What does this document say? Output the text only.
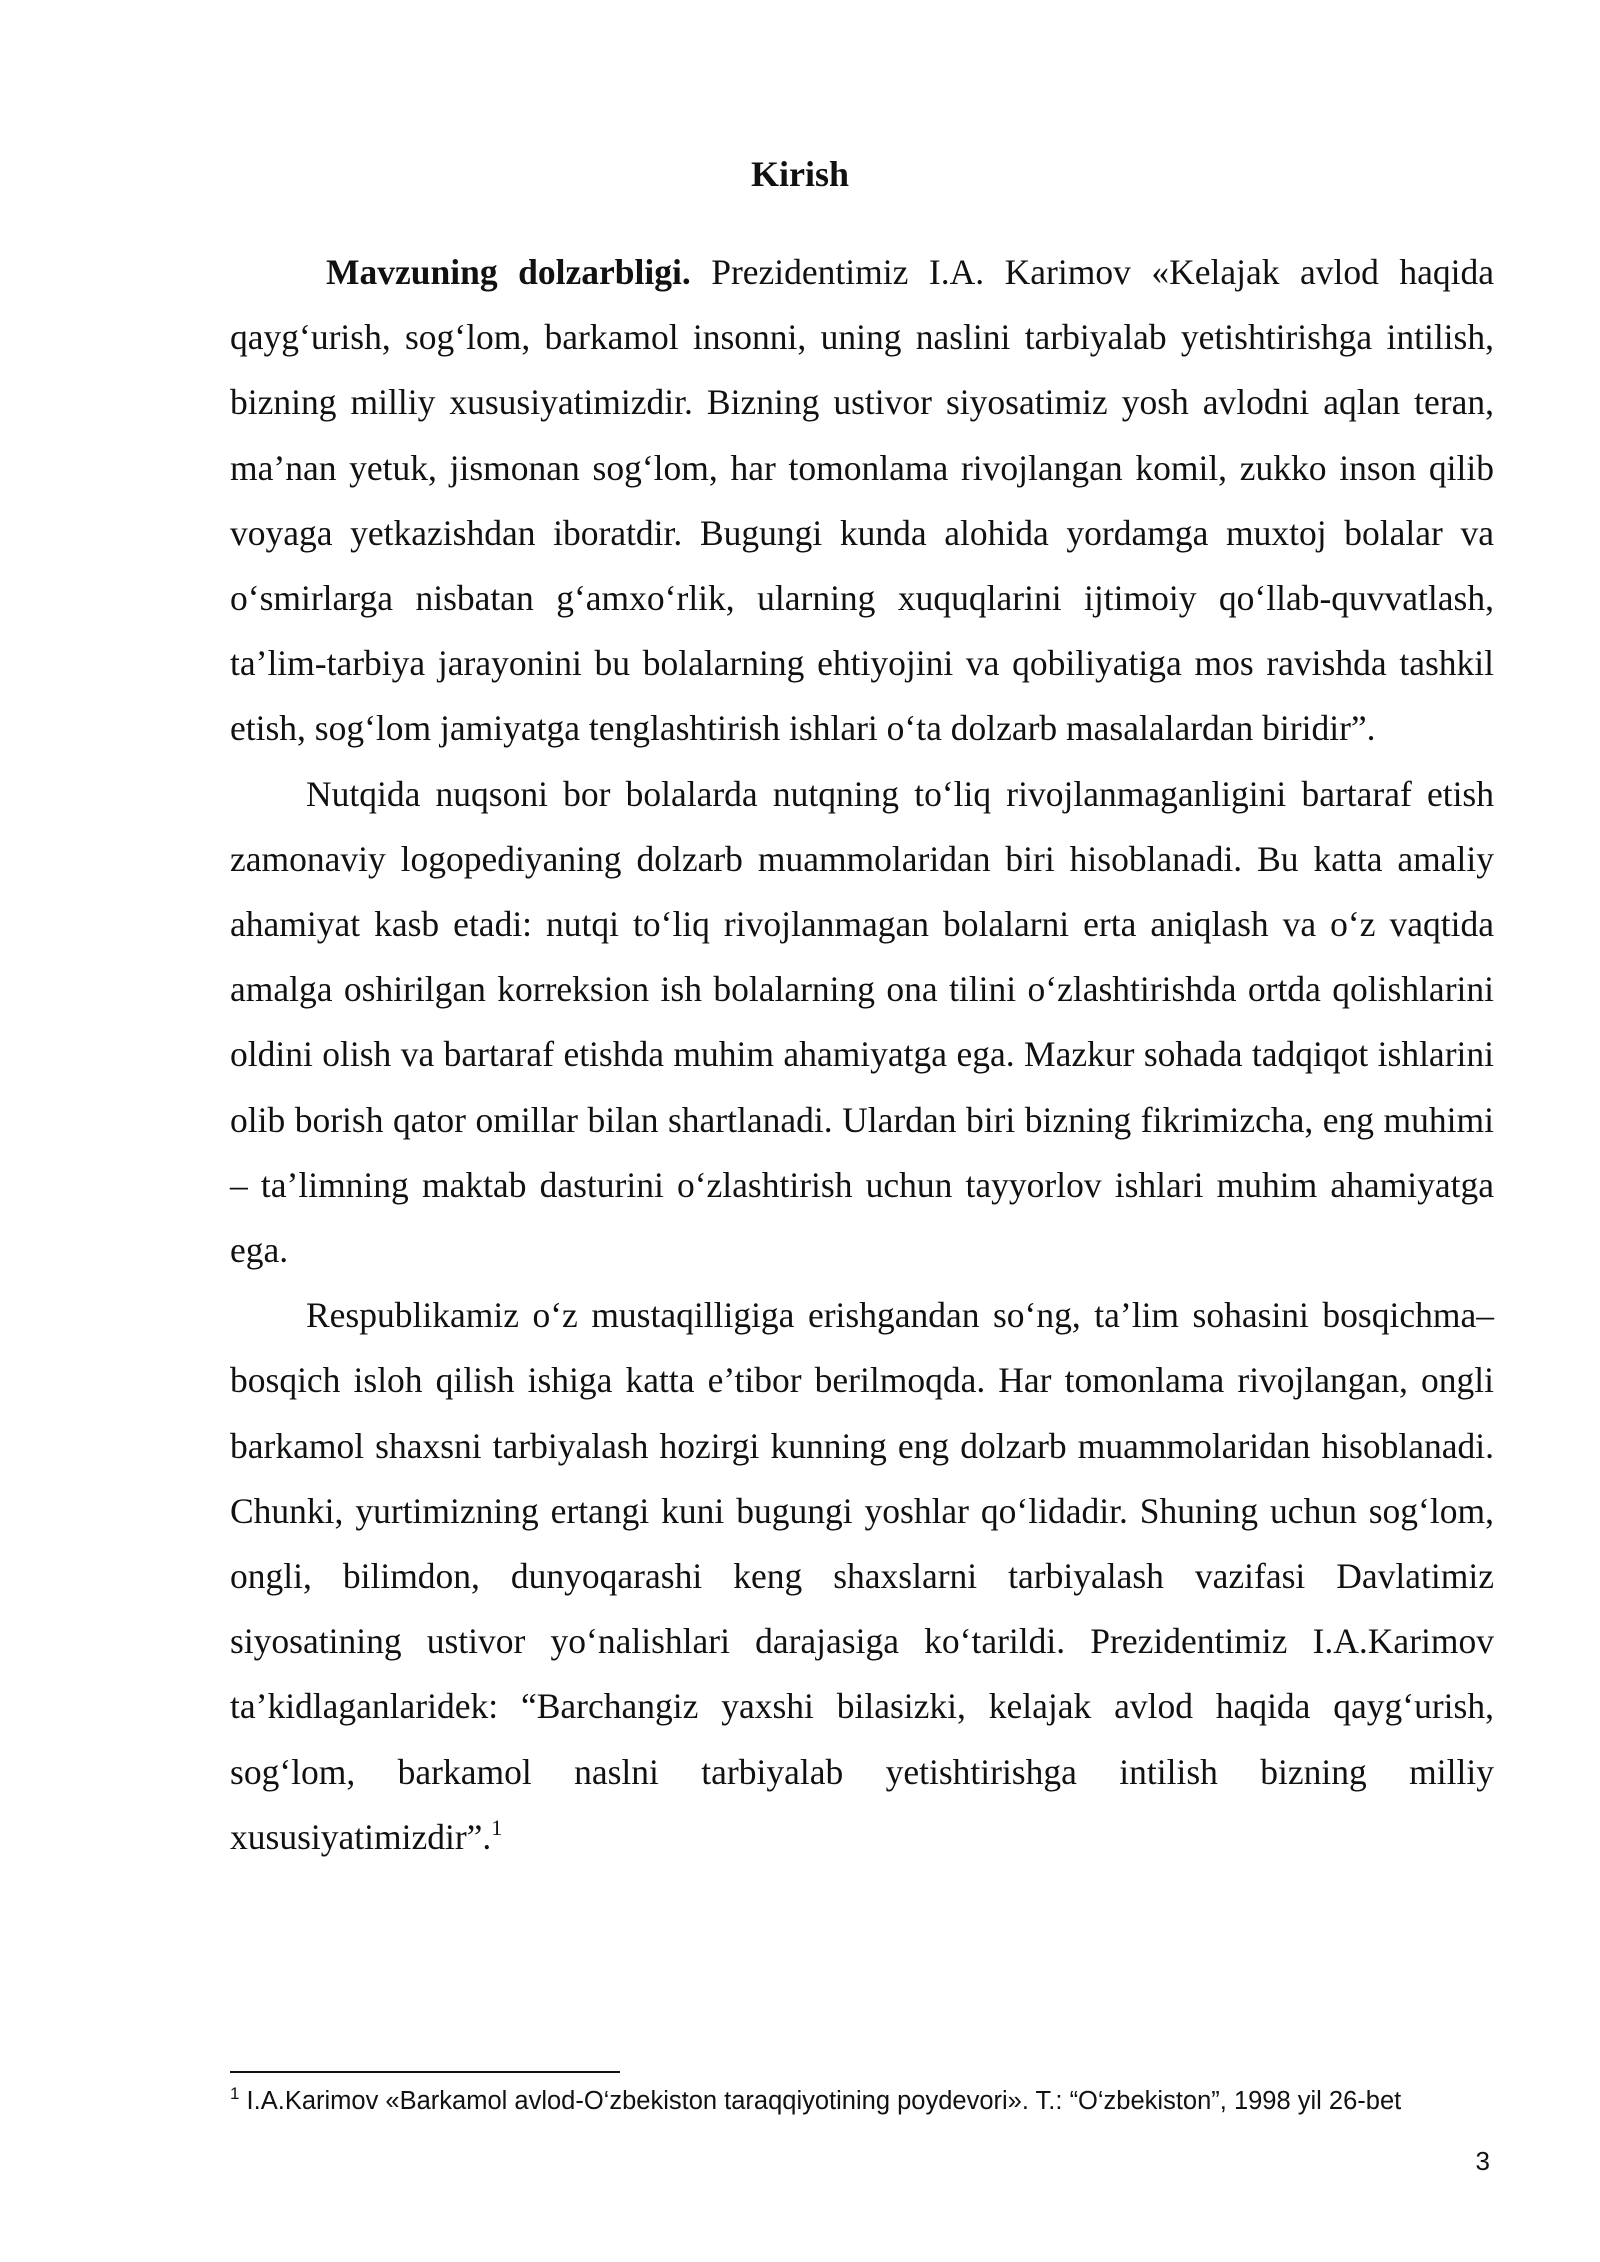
Kirish

Mavzuning dolzarbligi. Prezidentimiz I.A. Karimov «Kelajak avlod haqida qayg‘urish, sog‘lom, barkamol insonni, uning naslini tarbiyalab yetishtirishga intilish, bizning milliy xususiyatimizdir. Bizning ustivor siyosatimiz yosh avlodni aqlan teran, ma’nan yetuk, jismonan sog‘lom, har tomonlama rivojlangan komil, zukko inson qilib voyaga yetkazishdan iboratdir. Bugungi kunda alohida yordamga muxtoj bolalar va o‘smirlarga nisbatan g‘amxo‘rlik, ularning xuquqlarini ijtimoiy qo‘llab-quvvatlash, ta’lim-tarbiya jarayonini bu bolalarning ehtiyojini va qobiliyatiga mos ravishda tashkil etish, sog‘lom jamiyatga tenglashtirish ishlari o‘ta dolzarb masalalardan biridir”.

Nutqida nuqsoni bor bolalarda nutqning to‘liq rivojlanmaganligini bartaraf etish zamonaviy logopediyaning dolzarb muammolaridan biri hisoblanadi. Bu katta amaliy ahamiyat kasb etadi: nutqi to‘liq rivojlanmagan bolalarni erta aniqlash va o‘z vaqtida amalga oshirilgan korreksion ish bolalarning ona tilini o‘zlashtirishda ortda qolishlarini oldini olish va bartaraf etishda muhim ahamiyatga ega. Mazkur sohada tadqiqot ishlarini olib borish qator omillar bilan shartlanadi. Ulardan biri bizning fikrimizcha, eng muhimi – ta’limning maktab dasturini o‘zlashtirish uchun tayyorlov ishlari muhim ahamiyatga ega.

Respublikamiz o‘z mustaqilligiga erishgandan so‘ng, ta’lim sohasini bosqichma–bosqich isloh qilish ishiga katta e’tibor berilmoqda. Har tomonlama rivojlangan, ongli barkamol shaxsni tarbiyalash hozirgi kunning eng dolzarb muammolaridan hisoblanadi. Chunki, yurtimizning ertangi kuni bugungi yoshlar qo‘lidadir. Shuning uchun sog‘lom, ongli, bilimdon, dunyoqarashi keng shaxslarni tarbiyalash vazifasi Davlatimiz siyosatining ustivor yo‘nalishlari darajasiga ko‘tarildi. Prezidentimiz I.A.Karimov ta’kidlaganlaridek: “Barchangiz yaxshi bilasizki, kelajak avlod haqida qayg‘urish, sog‘lom, barkamol naslni tarbiyalab yetishtirishga intilish bizning milliy xususiyatimizdir”.$^1$

$^1$ I.A.Karimov «Barkamol avlod-O‘zbekiston taraqqiyotining poydevori». T.: “O‘zbekiston”, 1998 yil 26-bet
3
